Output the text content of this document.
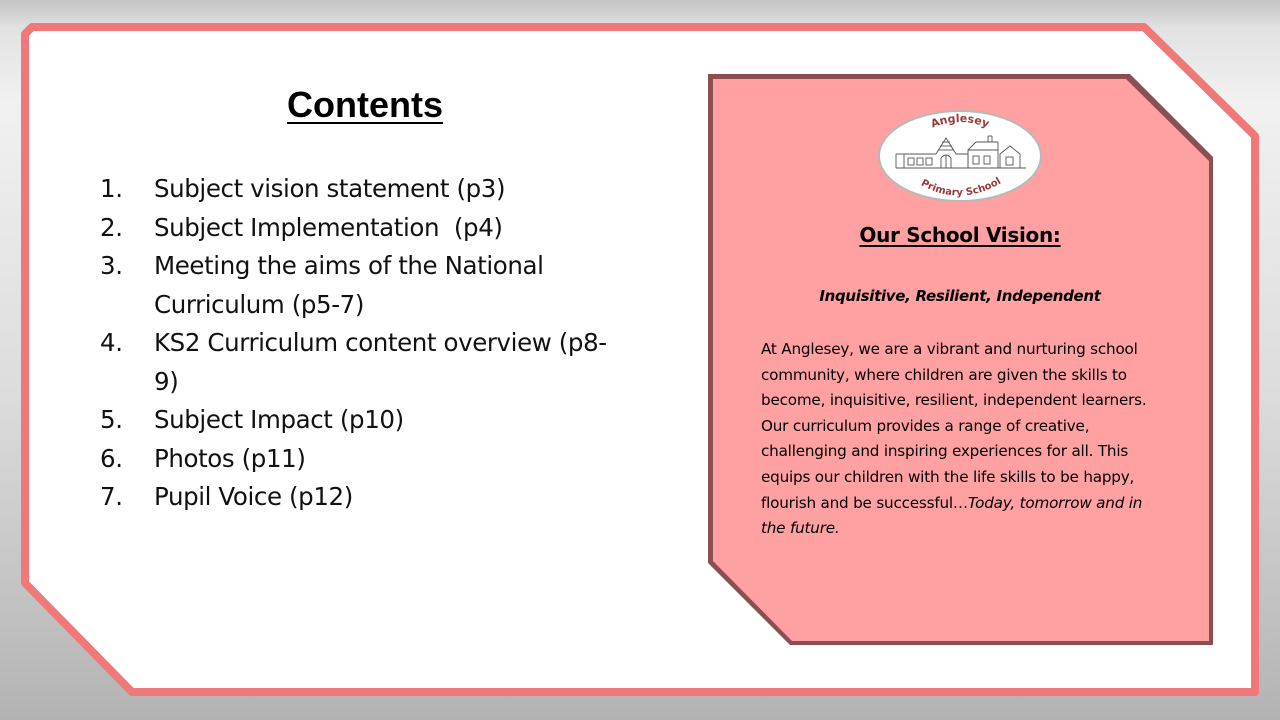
Contents
1.	Subject vision statement (p3)
2.	Subject Implementation  (p4)
3.	Meeting the aims of the National Curriculum (p5-7)
4.	KS2 Curriculum content overview (p8-9)
5.	Subject Impact (p10)
6.	Photos (p11)
7.	Pupil Voice (p12)
Anglesey
Primary School
Our School Vision:

Inquisitive, Resilient, Independent

At Anglesey, we are a vibrant and nurturing school community, where children are given the skills to become, inquisitive, resilient, independent learners.

Our curriculum provides a range of creative, challenging and inspiring experiences for all. This equips our children with the life skills to be happy, flourish and be successful…Today, tomorrow and in the future.
